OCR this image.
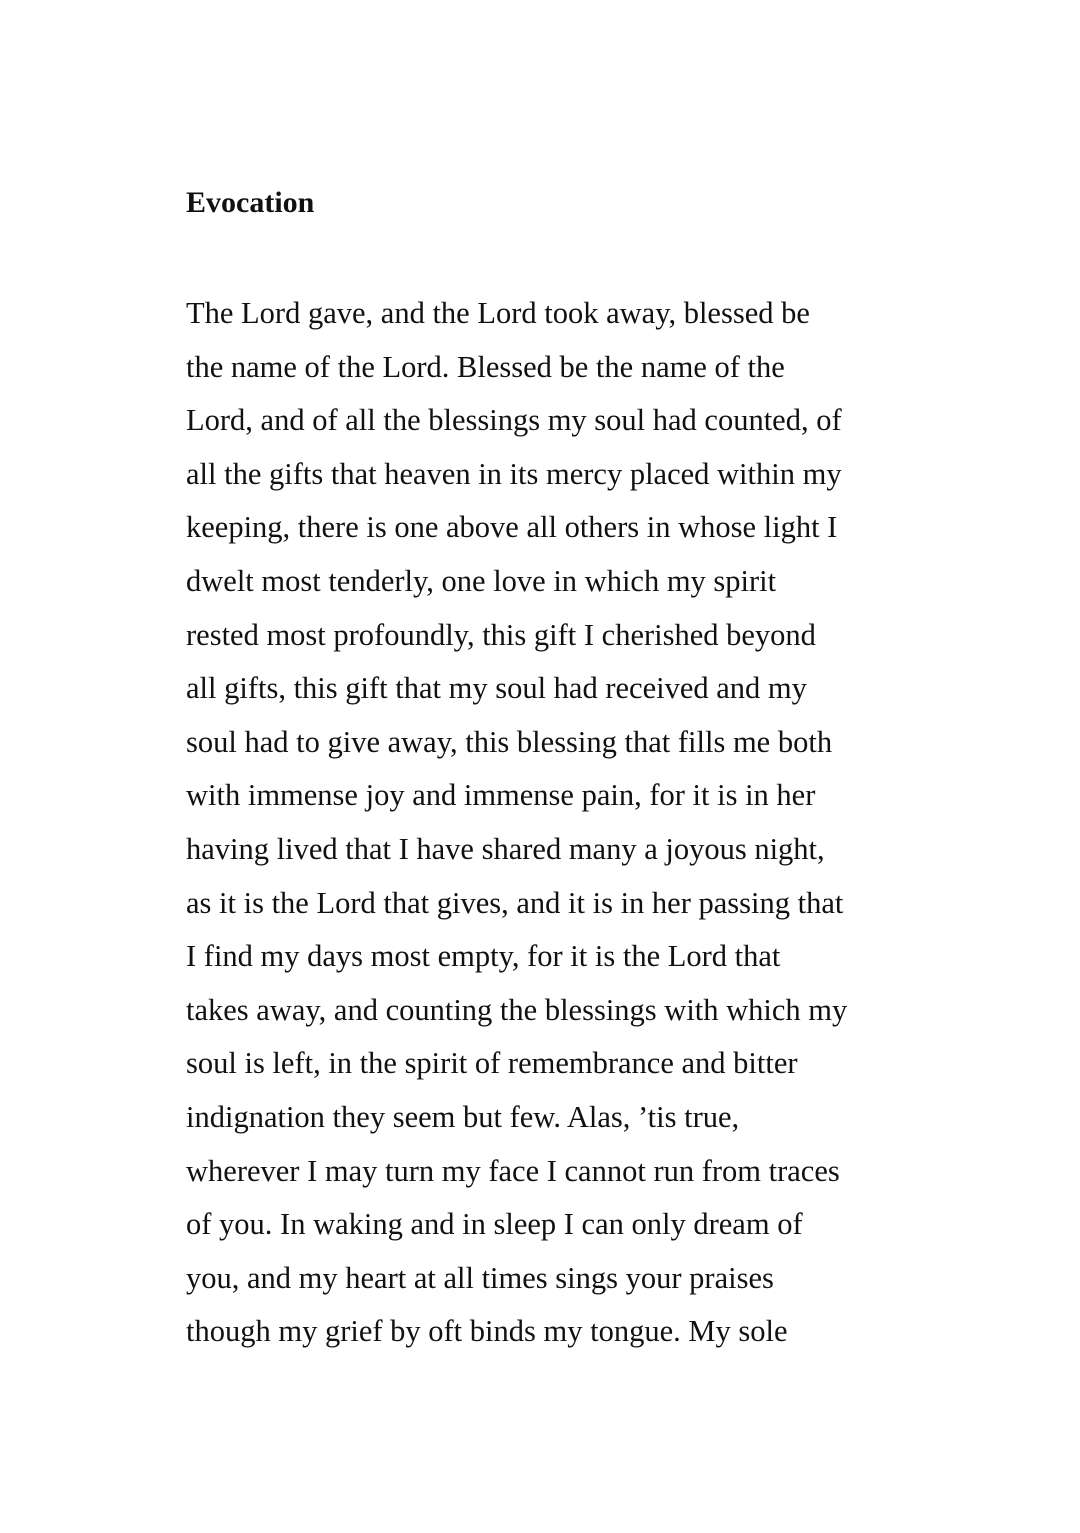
Evocation
The Lord gave, and the Lord took away, blessed be
the name of the Lord. Blessed be the name of the
Lord, and of all the blessings my soul had counted, of
all the gifts that heaven in its mercy placed within my
keeping, there is one above all others in whose light I
dwelt most tenderly, one love in which my spirit
rested most profoundly, this gift I cherished beyond
all gifts, this gift that my soul had received and my
soul had to give away, this blessing that fills me both
with immense joy and immense pain, for it is in her
having lived that I have shared many a joyous night,
as it is the Lord that gives, and it is in her passing that
I find my days most empty, for it is the Lord that
takes away, and counting the blessings with which my
soul is left, in the spirit of remembrance and bitter
indignation they seem but few. Alas, ’tis true,
wherever I may turn my face I cannot run from traces
of you. In waking and in sleep I can only dream of
you, and my heart at all times sings your praises
though my grief by oft binds my tongue. My sole
